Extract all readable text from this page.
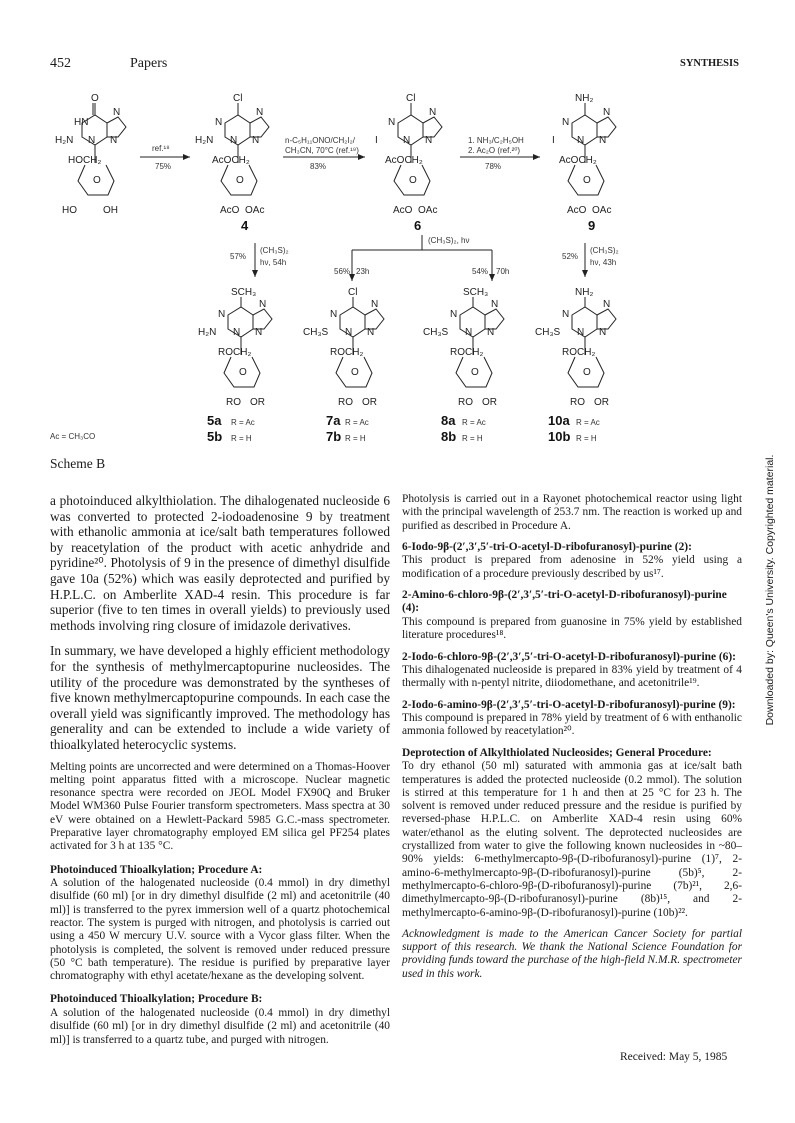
452	Papers	SYNTHESIS
O
HN
N
H₂N N N
HOCH₂
O
HO	OH
Cl
N
N
H₂N N N
AcOCH₂
O
AcO OAc
Cl
N
N
I	N N
AcOCH₂
O
AcO OAc
NH₂
N
N
I N N
AcOCH₂
O
AcO OAc
4	6	9
ref.¹⁸
75%
n-C₅H₁₁ONO/CH₂I₂/
CH₃CN, 70°C (ref.¹⁹)
83%
1. NH₃/C₂H₅OH
2. Ac₂O (ref.²⁰)
78%
(CH₃S)₂
hν, 54h
57%
(CH₃S)₂, hν
56% 23h	54% 70h
(CH₃S)₂
hν, 43h
52%
SCH₃
N
N
H₂N N N
ROCH₂
O
RO OR
Cl
N
N
CH₃S N N
ROCH₂
O
RO OR
SCH₃
N
N
CH₃S N N
ROCH₂
O
RO OR
NH₂
N
N
CH₃S N N
ROCH₂
O
RO OR
5a
5b
7a
7b
8a
8b
10a
10b
R = Ac
R = H
R = Ac
R = H
R = Ac
R = H
R = Ac
R = H
Ac = CH₃CO
Scheme B

a photoinduced alkylthiolation. The dihalogenated nucleoside 6 was converted to protected 2-iodoadenosine 9 by treatment with ethanolic ammonia at ice/salt bath temperatures followed by reacetylation of the product with acetic anhydride and pyridine²⁰. Photolysis of 9 in the presence of dimethyl disulfide gave 10a (52%) which was easily deprotected and purified by H.P.L.C. on Amberlite XAD-4 resin. This procedure is far superior (five to ten times in overall yields) to previously used methods involving ring closure of imidazole derivatives.

In summary, we have developed a highly efficient methodology for the synthesis of methylmercaptopurine nucleosides. The utility of the procedure was demonstrated by the syntheses of five known methylmercaptopurine compounds. In each case the overall yield was significantly improved. The methodology has generality and can be extended to include a wide variety of thioalkylated heterocyclic systems.

Melting points are uncorrected and were determined on a Thomas-Hoover melting point apparatus fitted with a microscope. Nuclear magnetic resonance spectra were recorded on JEOL Model FX90Q and Bruker Model WM360 Pulse Fourier transform spectrometers. Mass spectra at 30 eV were obtained on a Hewlett-Packard 5985 G.C.-mass spectrometer. Preparative layer chromatography employed EM silica gel PF254 plates activated for 3 h at 135 °C.

Photoinduced Thioalkylation; Procedure A:

A solution of the halogenated nucleoside (0.4 mmol) in dry dimethyl disulfide (60 ml) [or in dry dimethyl disulfide (2 ml) and acetonitrile (40 ml)] is transferred to the pyrex immersion well of a quartz photochemical reactor. The system is purged with nitrogen, and photolysis is carried out using a 450 W mercury U.V. source with a Vycor glass filter. When the photolysis is completed, the solvent is removed under reduced pressure (50 °C bath temperature). The residue is purified by preparative layer chromatography with ethyl acetate/hexane as the developing solvent.

Photoinduced Thioalkylation; Procedure B:

A solution of the halogenated nucleoside (0.4 mmol) in dry dimethyl disulfide (60 ml) [or in dry dimethyl disulfide (2 ml) and acetonitrile (40 ml)] is transferred to a quartz tube, and purged with nitrogen.

Photolysis is carried out in a Rayonet photochemical reactor using light with the principal wavelength of 253.7 nm. The reaction is worked up and purified as described in Procedure A.

6-Iodo-9β-(2′,3′,5′-tri-O-acetyl-D-ribofuranosyl)-purine (2):

This product is prepared from adenosine in 52% yield using a modification of a procedure previously described by us¹⁷.

2-Amino-6-chloro-9β-(2′,3′,5′-tri-O-acetyl-D-ribofuranosyl)-purine (4):

This compound is prepared from guanosine in 75% yield by established literature procedures¹⁸.

2-Iodo-6-chloro-9β-(2′,3′,5′-tri-O-acetyl-D-ribofuranosyl)-purine (6):

This dihalogenated nucleoside is prepared in 83% yield by treatment of 4 thermally with n-pentyl nitrite, diiodomethane, and acetonitrile¹⁹.

2-Iodo-6-amino-9β-(2′,3′,5′-tri-O-acetyl-D-ribofuranosyl)-purine (9):

This compound is prepared in 78% yield by treatment of 6 with enthanolic ammonia followed by reacetylation²⁰.

Deprotection of Alkylthiolated Nucleosides; General Procedure:

To dry ethanol (50 ml) saturated with ammonia gas at ice/salt bath temperatures is added the protected nucleoside (0.2 mmol). The solution is stirred at this temperature for 1 h and then at 25 °C for 23 h. The solvent is removed under reduced pressure and the residue is purified by reversed-phase H.P.L.C. on Amberlite XAD-4 resin using 60% water/ethanol as the eluting solvent. The deprotected nucleosides are crystallized from water to give the following known nucleosides in ~80–90% yields: 6-methylmercapto-9β-(D-ribofuranosyl)-purine (1)⁷, 2-amino-6-methylmercapto-9β-(D-ribofuranosyl)-purine (5b)⁵, 2-methylmercapto-6-chloro-9β-(D-ribofuranosyl)-purine (7b)²¹, 2,6-dimethylmercapto-9β-(D-ribofuranosyl)-purine (8b)¹⁵, and 2-methylmercapto-6-amino-9β-(D-ribofuranosyl)-purine (10b)²².

Acknowledgment is made to the American Cancer Society for partial support of this research. We thank the National Science Foundation for providing funds toward the purchase of the high-field N.M.R. spectrometer used in this work.

Received: May 5, 1985
Downloaded by: Queen's University. Copyrighted material.
